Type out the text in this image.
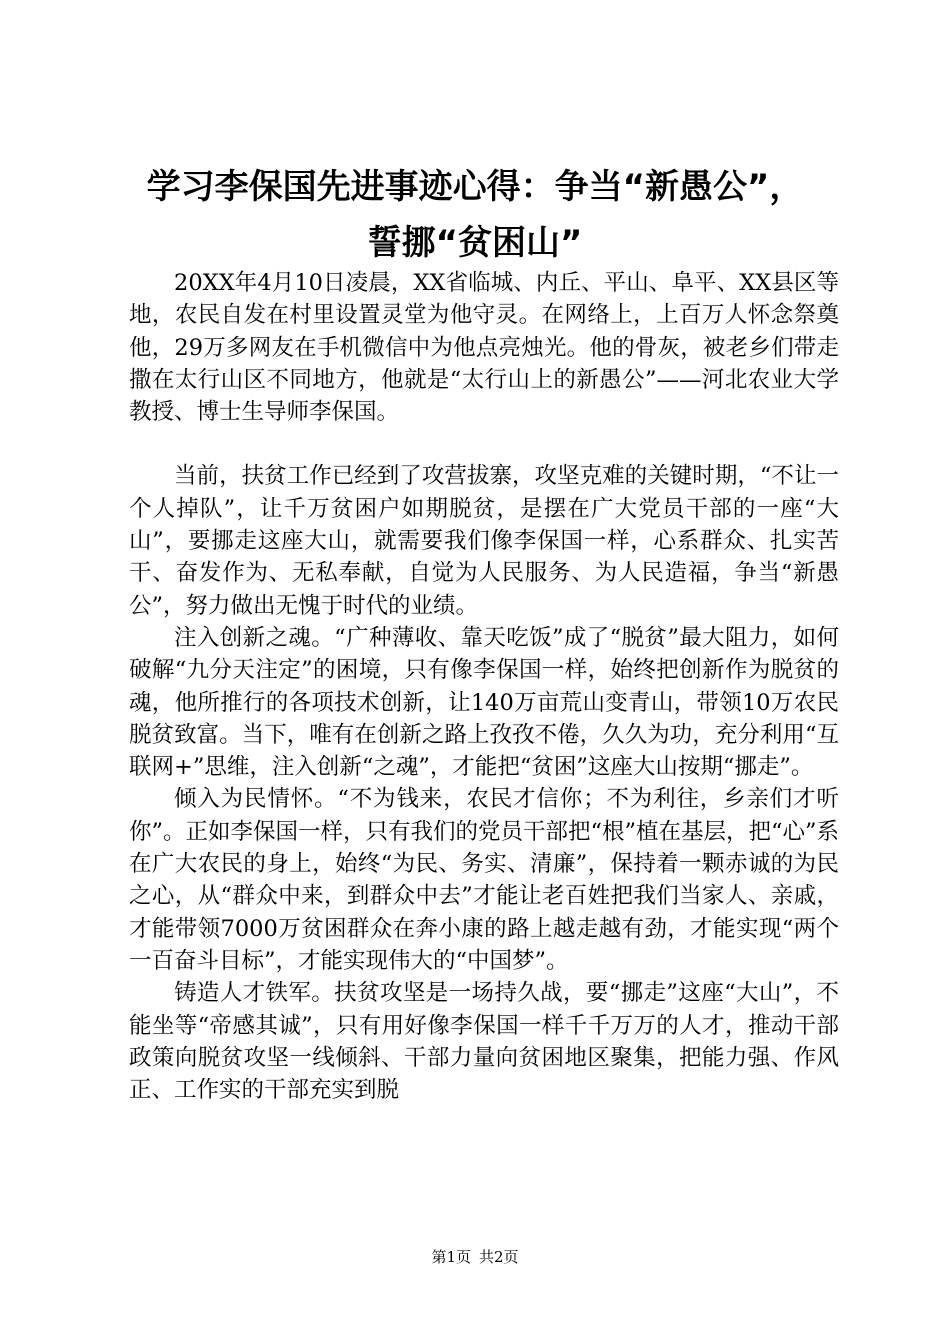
学习李保国先进事迹心得：争当“新愚公”，
誓挪“贫困山”

20XX年4月10日凌晨，XX省临城、内丘、平山、阜平、XX县区等地，农民自发在村里设置灵堂为他守灵。在网络上，上百万人怀念祭奠他，29万多网友在手机微信中为他点亮烛光。他的骨灰，被老乡们带走撒在太行山区不同地方，他就是“太行山上的新愚公”——河北农业大学教授、博士生导师李保国。

当前，扶贫工作已经到了攻营拔寨，攻坚克难的关键时期，“不让一个人掉队”，让千万贫困户如期脱贫，是摆在广大党员干部的一座“大山”，要挪走这座大山，就需要我们像李保国一样，心系群众、扎实苦干、奋发作为、无私奉献，自觉为人民服务、为人民造福，争当“新愚公”，努力做出无愧于时代的业绩。

注入创新之魂。“广种薄收、靠天吃饭”成了“脱贫”最大阻力，如何破解“九分天注定”的困境，只有像李保国一样，始终把创新作为脱贫的魂，他所推行的各项技术创新，让140万亩荒山变青山，带领10万农民脱贫致富。当下，唯有在创新之路上孜孜不倦，久久为功，充分利用“互联网+”思维，注入创新“之魂”，才能把“贫困”这座大山按期“挪走”。

倾入为民情怀。“不为钱来，农民才信你；不为利往，乡亲们才听你”。正如李保国一样，只有我们的党员干部把“根”植在基层，把“心”系在广大农民的身上，始终“为民、务实、清廉”，保持着一颗赤诚的为民之心，从“群众中来，到群众中去”才能让老百姓把我们当家人、亲戚，才能带领7000万贫困群众在奔小康的路上越走越有劲，才能实现“两个一百奋斗目标”，才能实现伟大的“中国梦”。

铸造人才铁军。扶贫攻坚是一场持久战，要“挪走”这座“大山”，不能坐等“帝感其诚”，只有用好像李保国一样千千万万的人才，推动干部政策向脱贫攻坚一线倾斜、干部力量向贫困地区聚集，把能力强、作风正、工作实的干部充实到脱

第1页 共2页
